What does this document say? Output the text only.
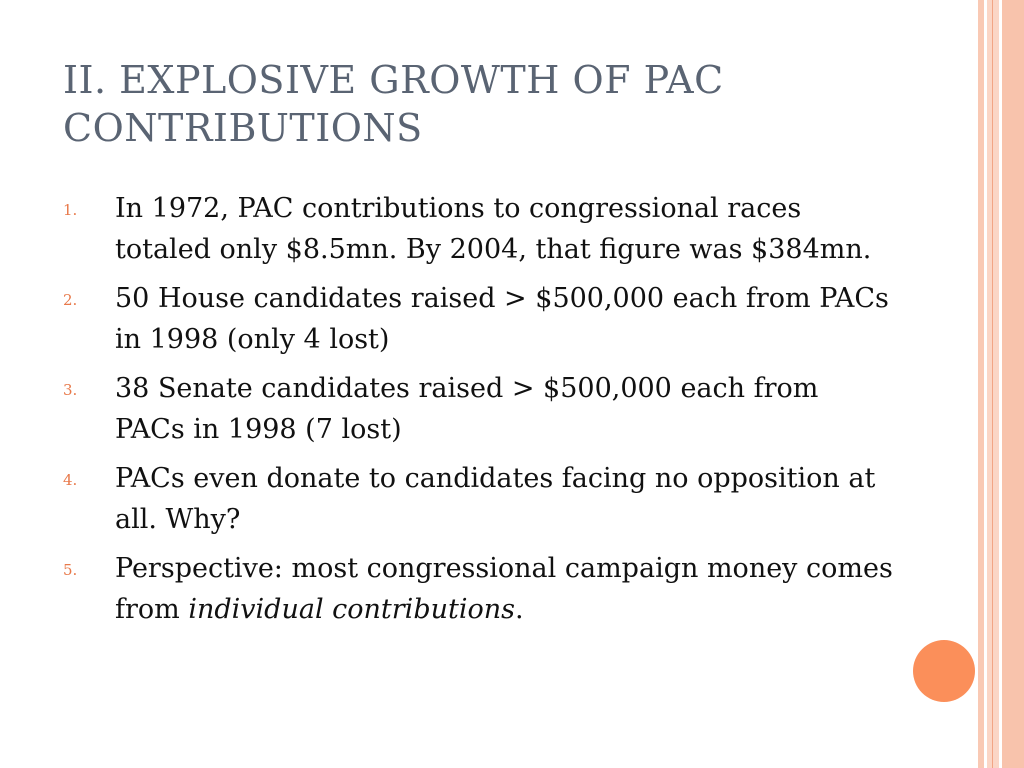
II. EXPLOSIVE GROWTH OF PAC CONTRIBUTIONS
1.	In 1972, PAC contributions to congressional races totaled only $8.5mn. By 2004, that figure was $384mn.
2.	50 House candidates raised > $500,000 each from PACs in 1998 (only 4 lost)
3.	38 Senate candidates raised > $500,000 each from PACs in 1998 (7 lost)
4.	PACs even donate to candidates facing no opposition at all. Why?
5.	Perspective: most congressional campaign money comes from individual contributions.
